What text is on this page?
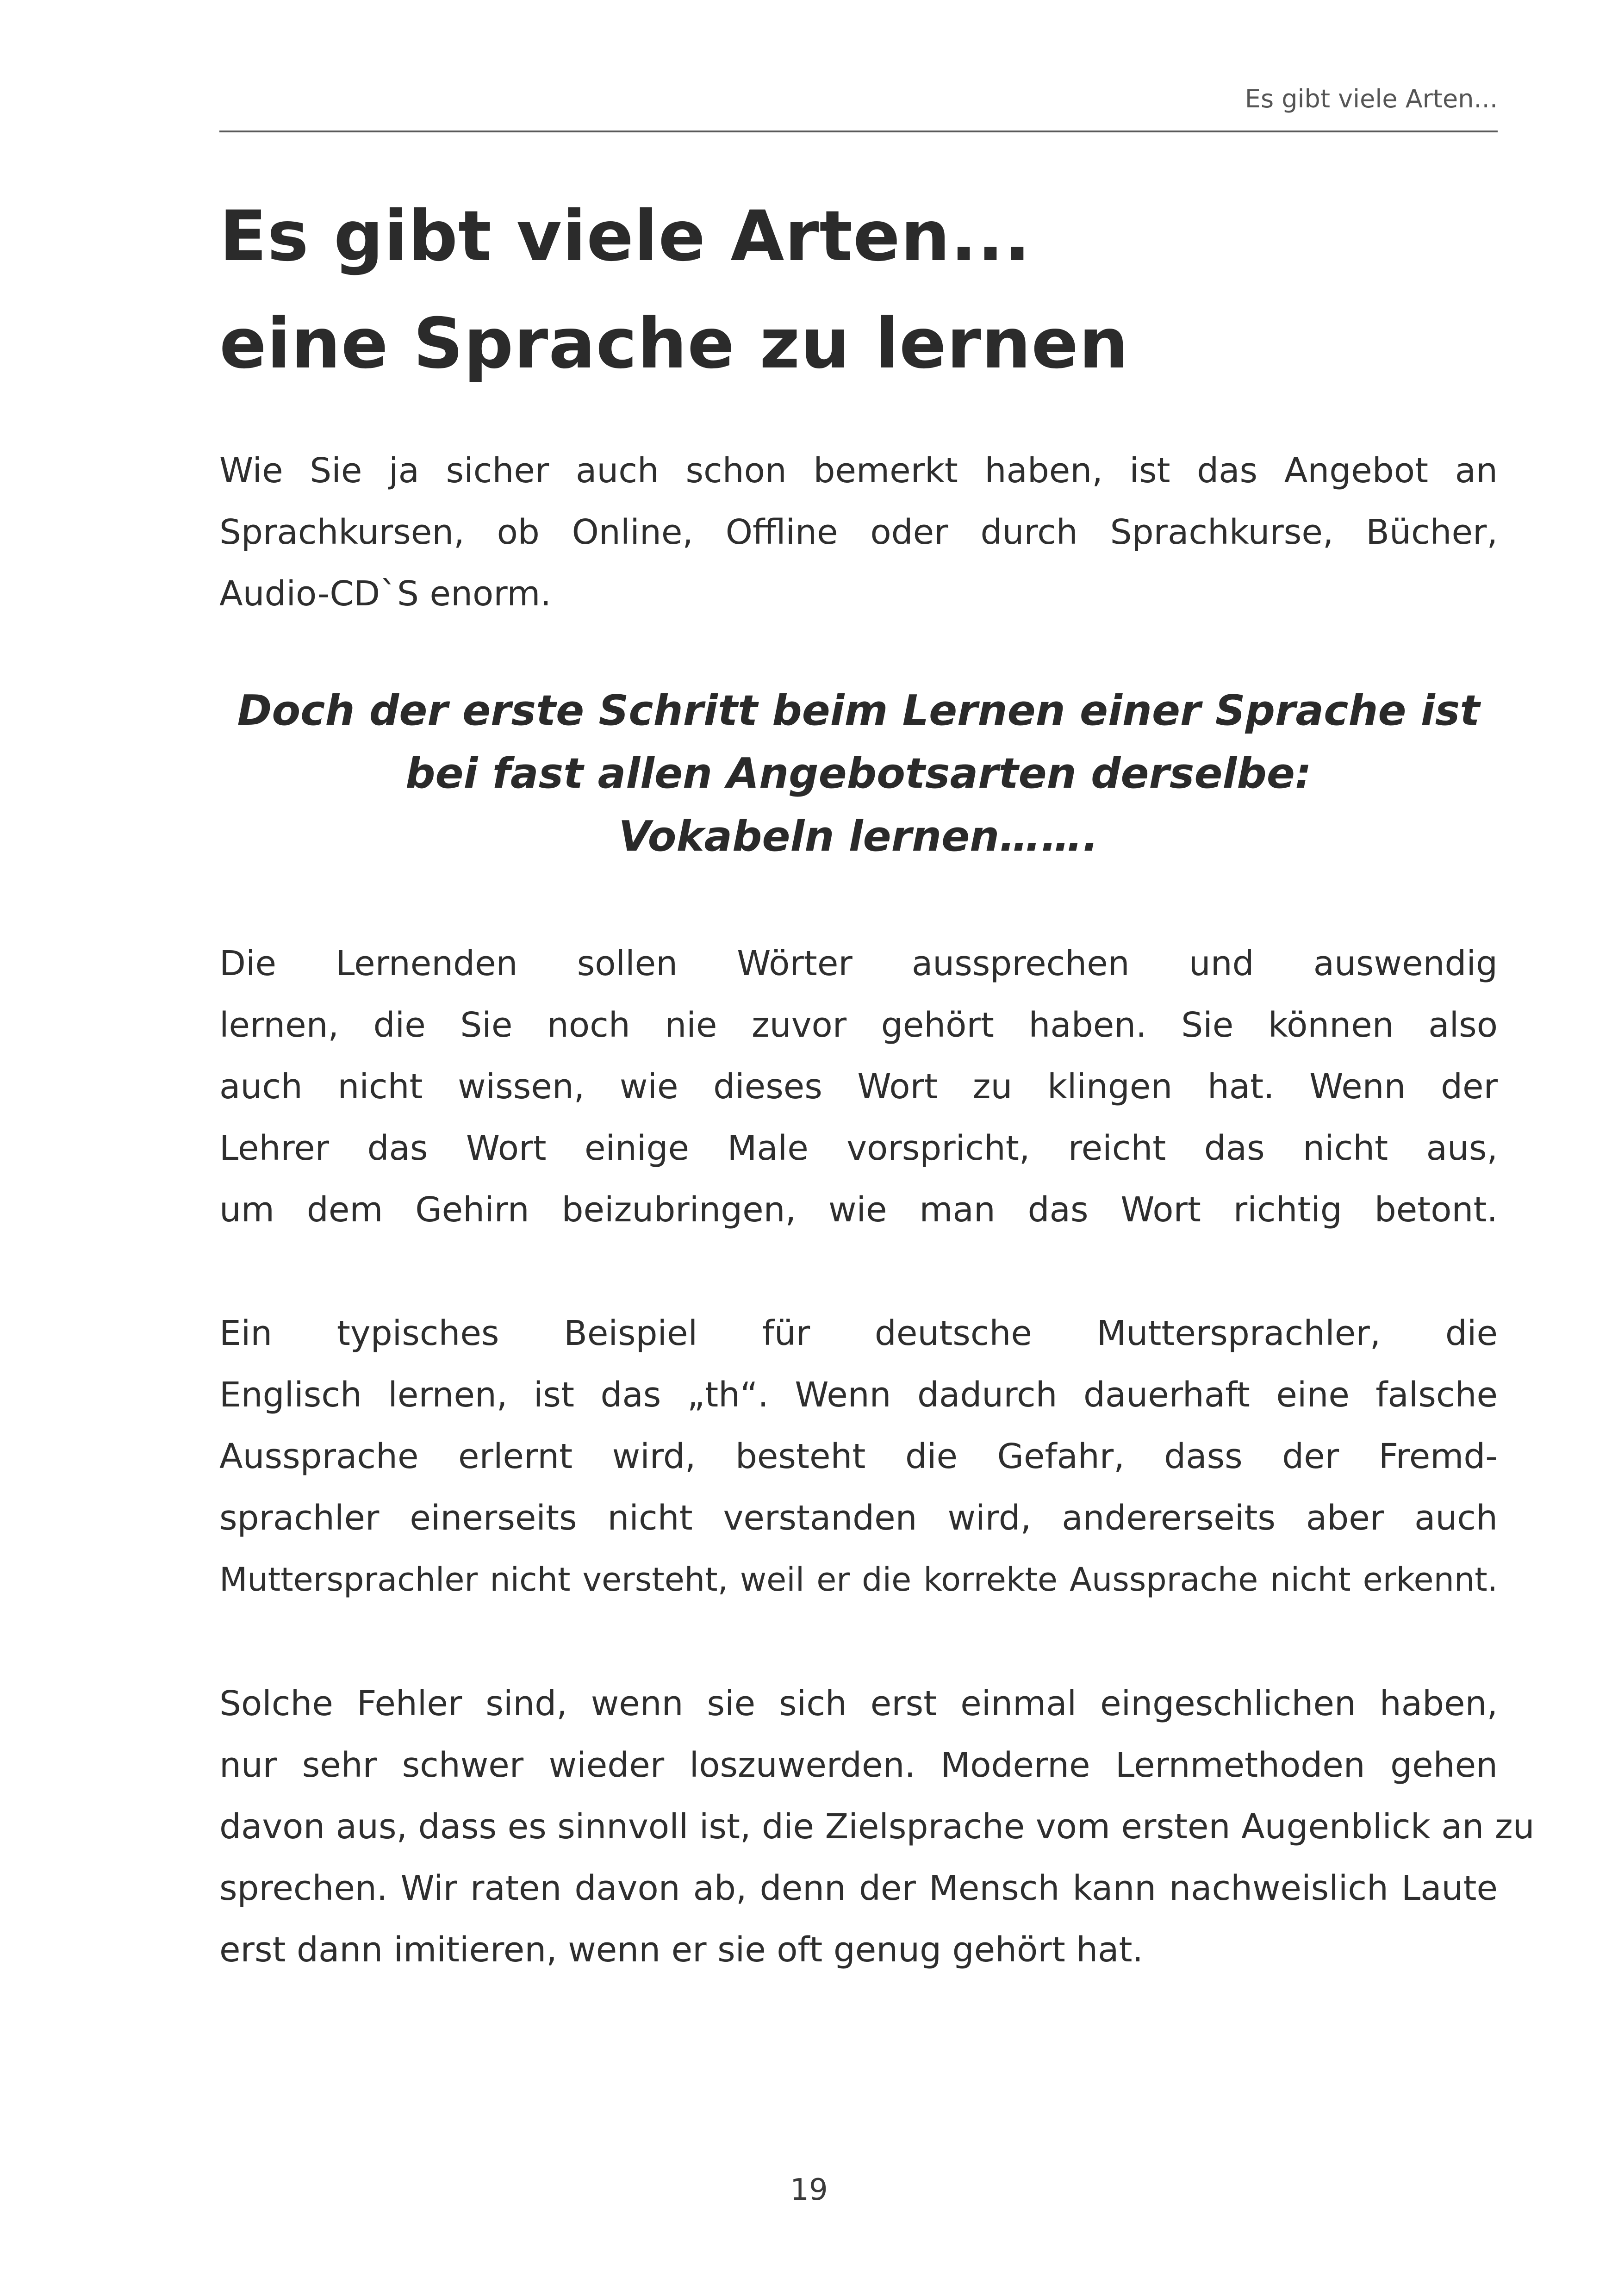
Es gibt viele Arten...
Es gibt viele Arten...
eine Sprache zu lernen

Wie Sie ja sicher auch schon bemerkt haben, ist das Angebot an
Sprachkursen, ob Online, Offline oder durch Sprachkurse, Bücher,
Audio-CD`S enorm.

Doch der erste Schritt beim Lernen einer Sprache ist
bei fast allen Angebotsarten derselbe:
Vokabeln lernen…….

Die Lernenden sollen Wörter aussprechen und auswendig
lernen, die Sie noch nie zuvor gehört haben. Sie können also
auch nicht wissen, wie dieses Wort zu klingen hat. Wenn der
Lehrer das Wort einige Male vorspricht, reicht das nicht aus,
um dem Gehirn beizubringen, wie man das Wort richtig betont.

Ein typisches Beispiel für deutsche Muttersprachler, die
Englisch lernen, ist das „th“. Wenn dadurch dauerhaft eine falsche
Aussprache erlernt wird, besteht die Gefahr, dass der Fremd-
sprachler einerseits nicht verstanden wird, andererseits aber auch
Muttersprachler nicht versteht, weil er die korrekte Aussprache nicht erkennt.

Solche Fehler sind, wenn sie sich erst einmal eingeschlichen haben,
nur sehr schwer wieder loszuwerden. Moderne Lernmethoden gehen
davon aus, dass es sinnvoll ist, die Zielsprache vom ersten Augenblick an zu
sprechen. Wir raten davon ab, denn der Mensch kann nachweislich Laute
erst dann imitieren, wenn er sie oft genug gehört hat.

19
